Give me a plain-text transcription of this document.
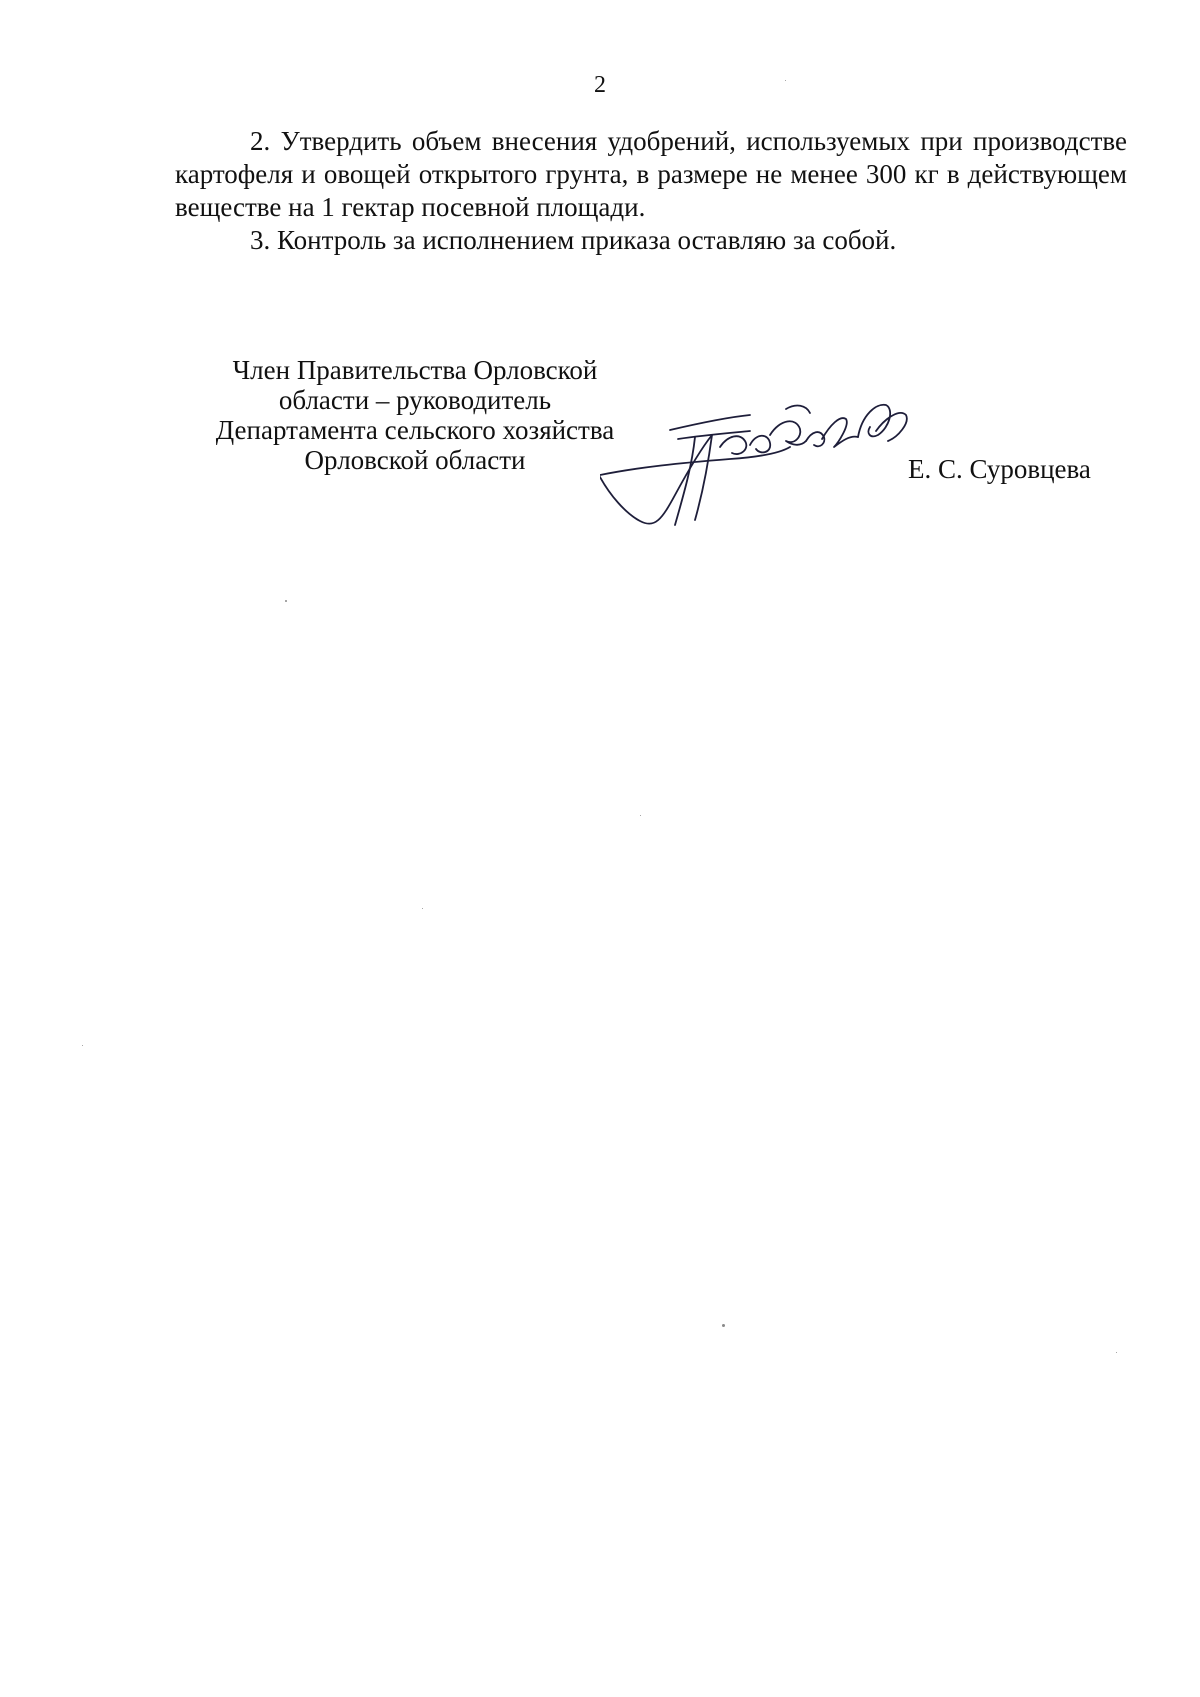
2

2. Утвердить объем внесения удобрений, используемых при производстве картофеля и овощей открытого грунта, в размере не менее 300 кг в действующем веществе на 1 гектар посевной площади.

3. Контроль за исполнением приказа оставляю за собой.

Член Правительства Орловской
области – руководитель
Департамента сельского хозяйства
Орловской области	Е. С. Суровцева
